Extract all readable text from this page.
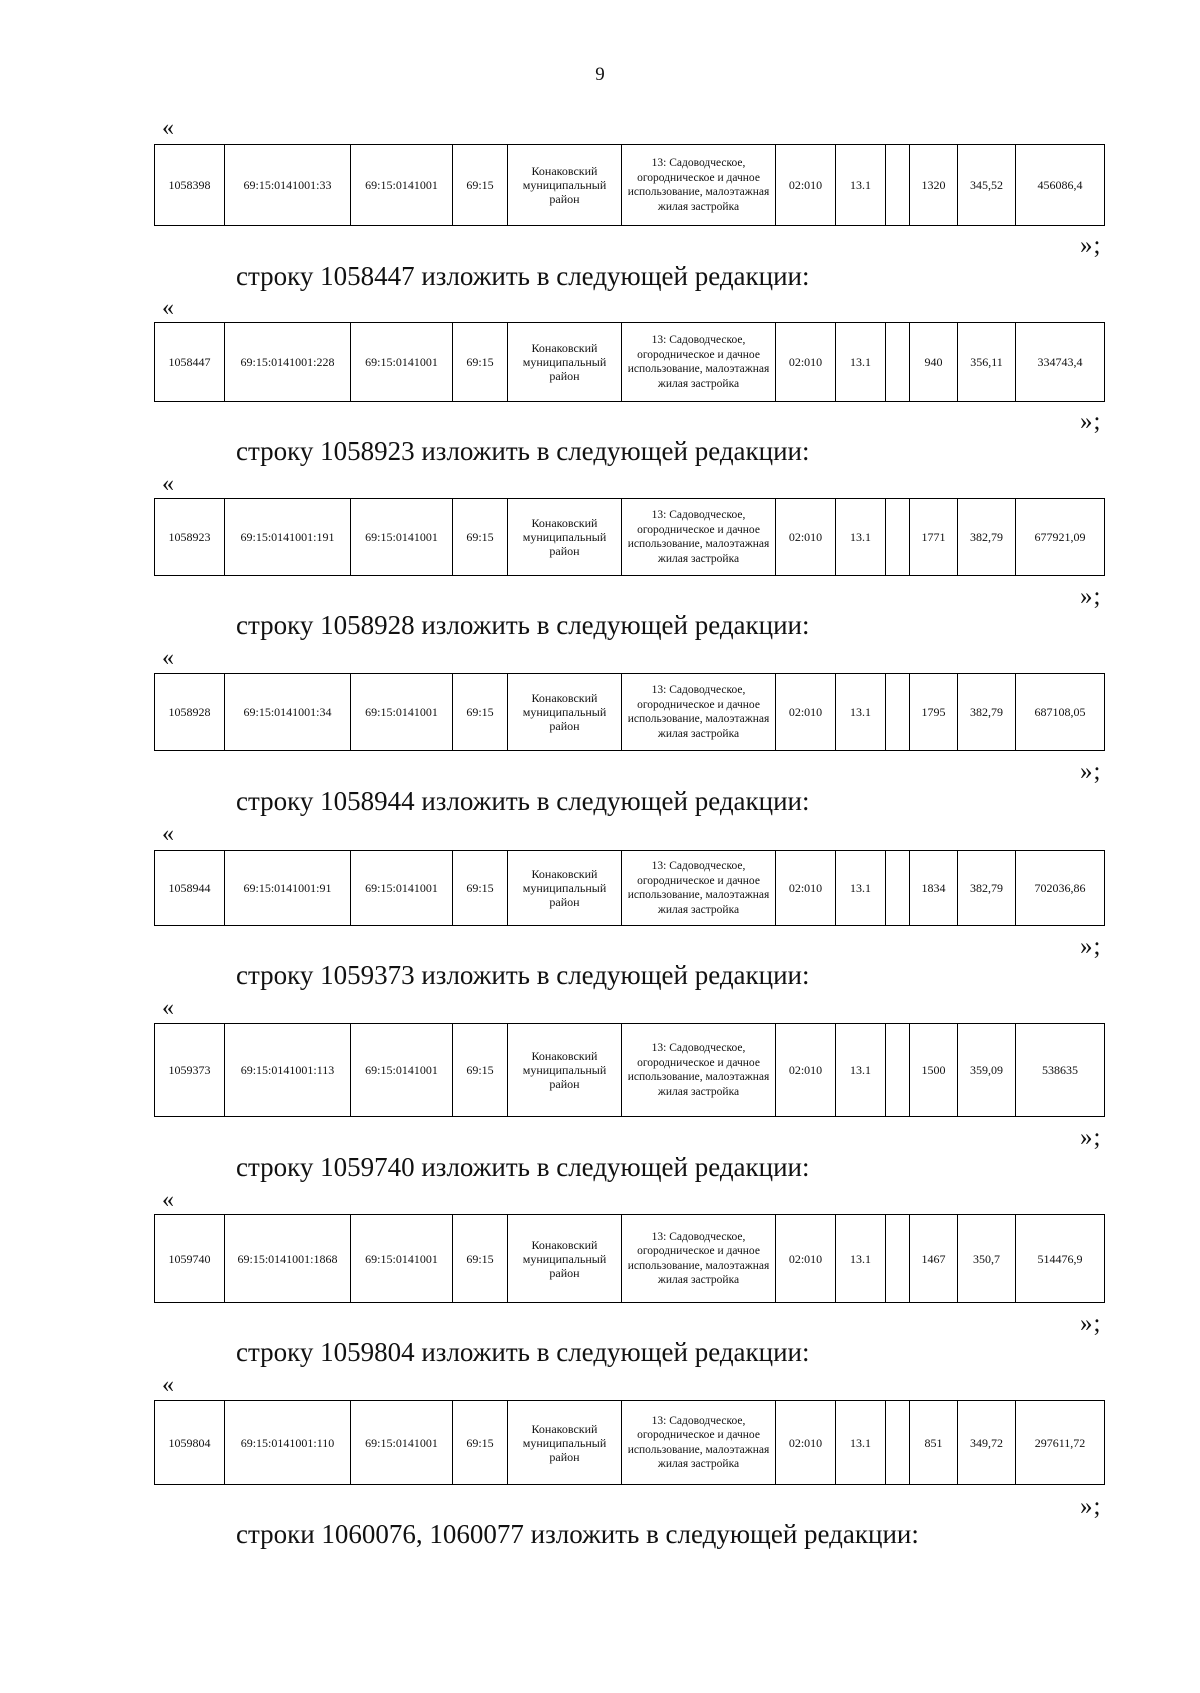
9
«
1058398	69:15:0141001:33	69:15:0141001	69:15	Конаковский муниципальный район	13: Садоводческое, огородническое и дачное использование, малоэтажная жилая застройка	02:010	13.1		1320	345,52	456086,4
»;
строку 1058447 изложить в следующей редакции:
«
1058447	69:15:0141001:228	69:15:0141001	69:15	Конаковский муниципальный район	13: Садоводческое, огородническое и дачное использование, малоэтажная жилая застройка	02:010	13.1		940	356,11	334743,4
»;
строку 1058923 изложить в следующей редакции:
«
1058923	69:15:0141001:191	69:15:0141001	69:15	Конаковский муниципальный район	13: Садоводческое, огородническое и дачное использование, малоэтажная жилая застройка	02:010	13.1		1771	382,79	677921,09
»;
строку 1058928 изложить в следующей редакции:
«
1058928	69:15:0141001:34	69:15:0141001	69:15	Конаковский муниципальный район	13: Садоводческое, огородническое и дачное использование, малоэтажная жилая застройка	02:010	13.1		1795	382,79	687108,05
»;
строку 1058944 изложить в следующей редакции:
«
1058944	69:15:0141001:91	69:15:0141001	69:15	Конаковский муниципальный район	13: Садоводческое, огородническое и дачное использование, малоэтажная жилая застройка	02:010	13.1		1834	382,79	702036,86
»;
строку 1059373 изложить в следующей редакции:
«
1059373	69:15:0141001:113	69:15:0141001	69:15	Конаковский муниципальный район	13: Садоводческое, огородническое и дачное использование, малоэтажная жилая застройка	02:010	13.1		1500	359,09	538635
»;
строку 1059740 изложить в следующей редакции:
«
1059740	69:15:0141001:1868	69:15:0141001	69:15	Конаковский муниципальный район	13: Садоводческое, огородническое и дачное использование, малоэтажная жилая застройка	02:010	13.1		1467	350,7	514476,9
»;
строку 1059804 изложить в следующей редакции:
«
1059804	69:15:0141001:110	69:15:0141001	69:15	Конаковский муниципальный район	13: Садоводческое, огородническое и дачное использование, малоэтажная жилая застройка	02:010	13.1		851	349,72	297611,72
»;
строки 1060076, 1060077 изложить в следующей редакции:
